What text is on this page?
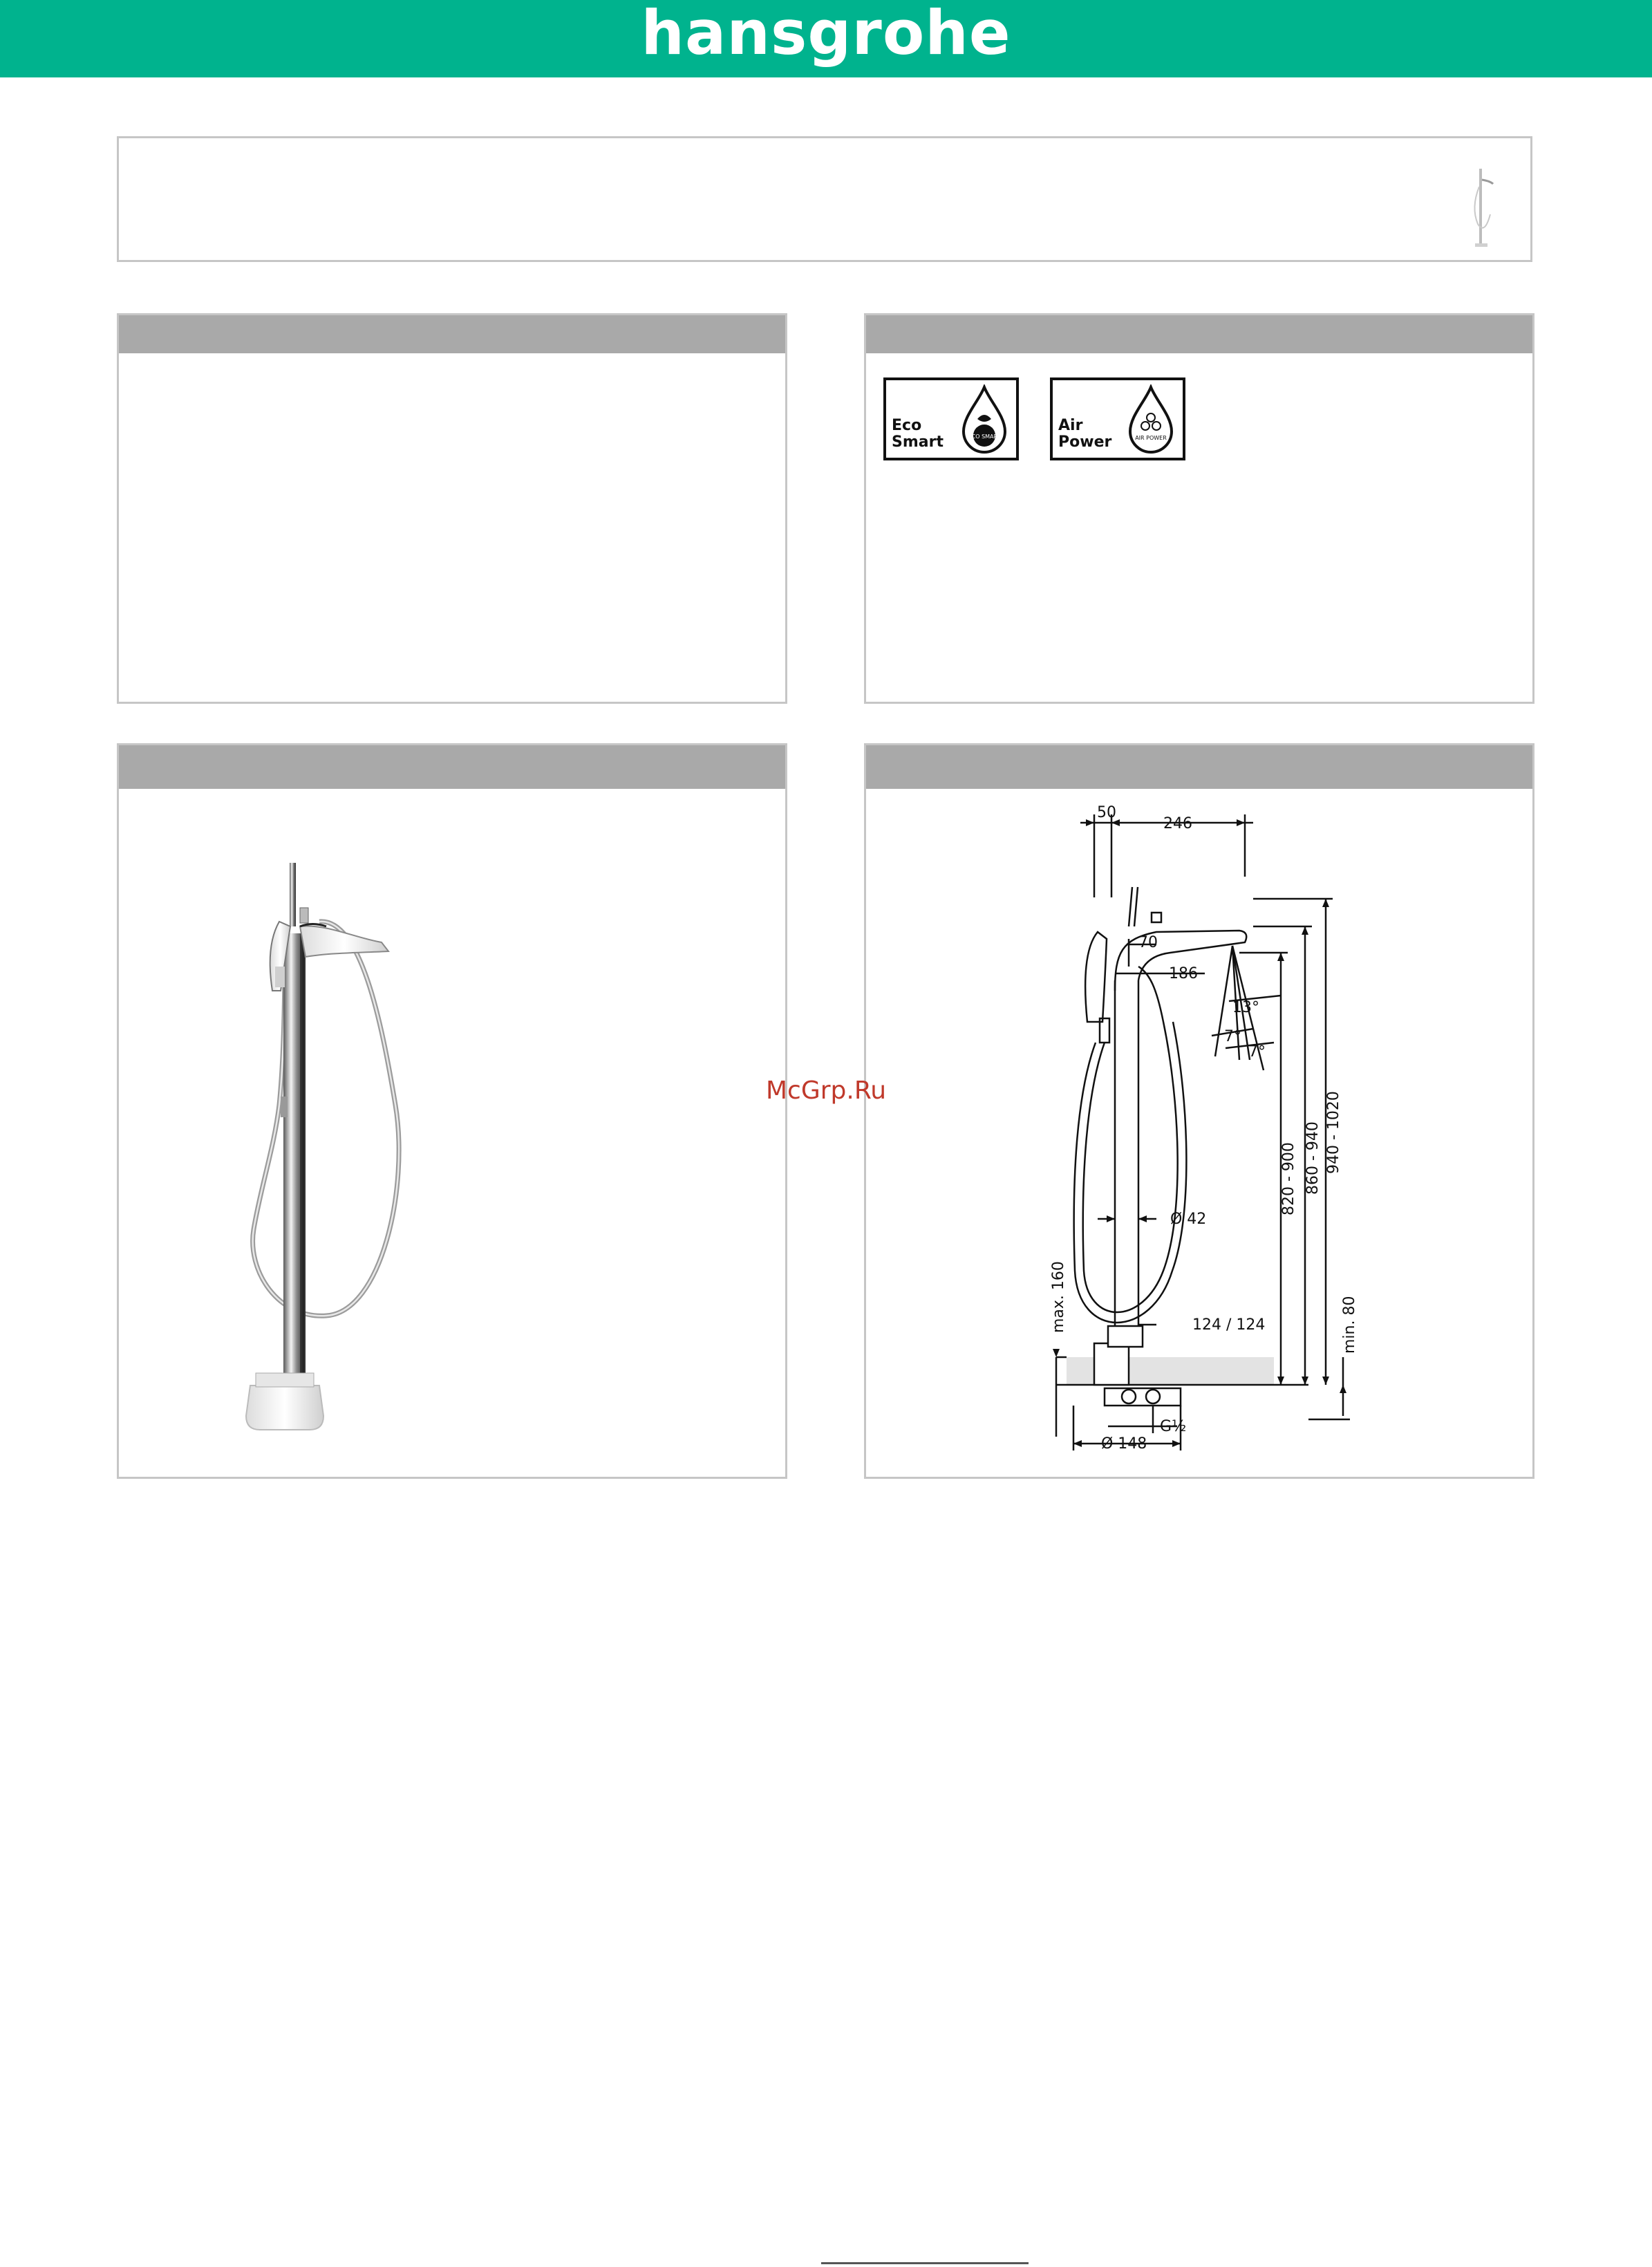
hansgrohe
Eco
Smart	ECO SMART
Air
Power	AIR POWER
50
246
70
186
13°
7°
7°
Ø 42
124 / 124
G½
Ø 148
max. 160	min. 80
820 - 900 860 - 940 940 - 1020
McGrp.Ru
